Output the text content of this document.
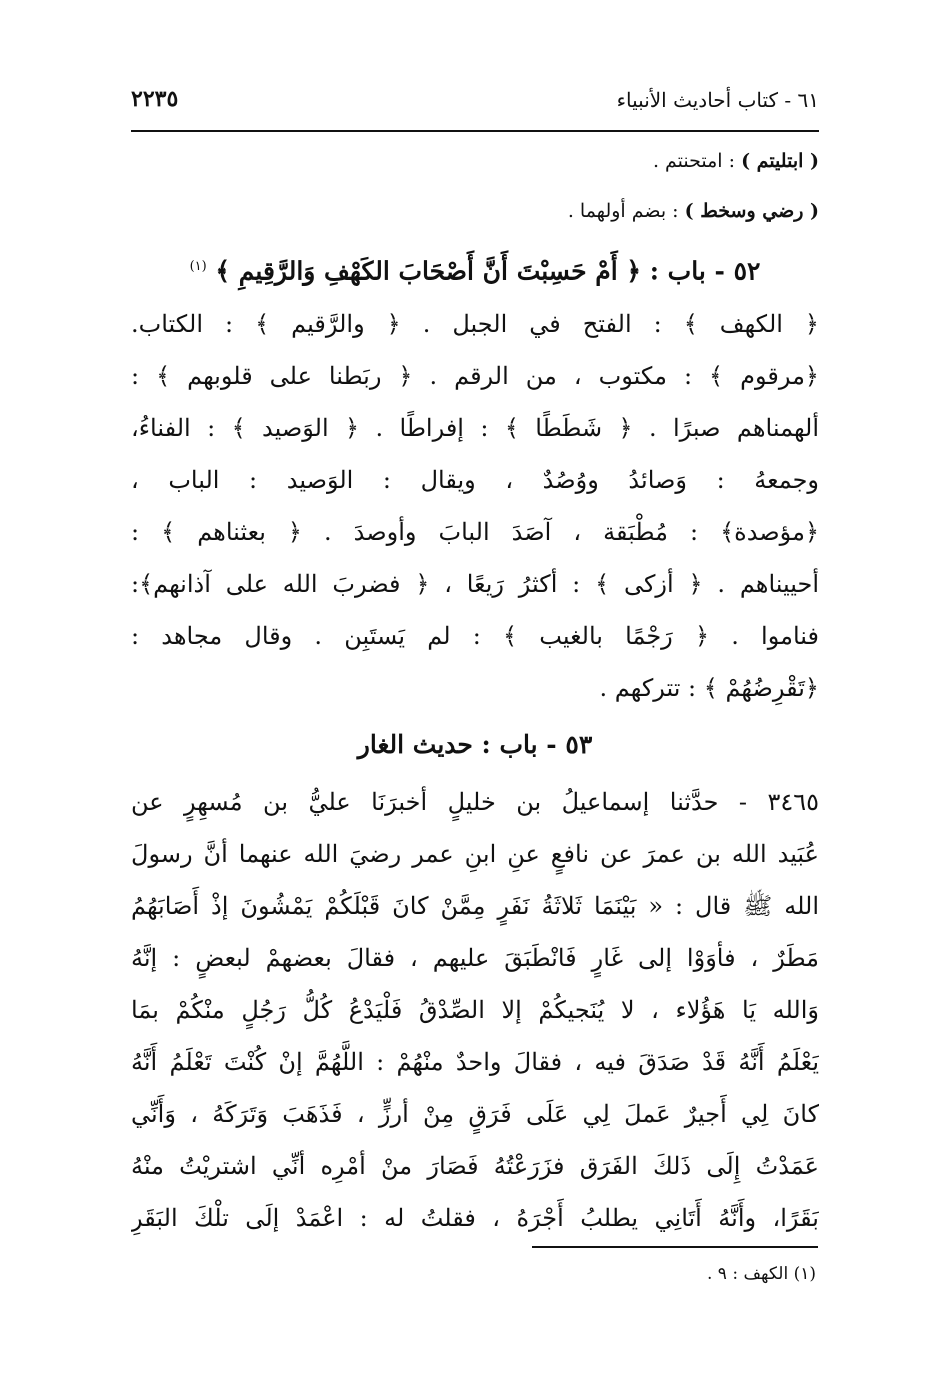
٦١ - كتاب أحاديث الأنبياء
٢٢٣٥
( ابتليتم ) : امتحنتم .
( رضي وسخط ) : بضم أولهما .
٥٢ - باب : ﴿ أَمْ حَسِبْتَ أَنَّ أَصْحَابَ الكَهْفِ وَالرَّقِيمِ ﴾ $^{(١)}$
﴿ الكهف ﴾ : الفتح في الجبل . ﴿ والرَّقيم ﴾ : الكتاب.
﴿مرقوم ﴾ : مكتوب ، من الرقم . ﴿ ربَطنا على قلوبهم ﴾ :
ألهمناهم صبرًا . ﴿ شَطَطًا ﴾ : إفراطًا . ﴿ الوَصيد ﴾ : الفناءُ،
وجمعهُ : وَصائدُ ووُصُدٌ ، ويقال : الوَصيد : الباب ،
﴿مؤصدة﴾ : مُطْبَقة ، آصَدَ البابَ وأوصدَ . ﴿ بعثناهم ﴾ :
أحييناهم . ﴿ أزكى ﴾ : أكثرُ رَيعًا ، ﴿ فضربَ الله على آذانهم﴾:
فناموا . ﴿ رَجْمًا بالغيب ﴾ : لم يَستَبِن . وقال مجاهد :
﴿تَقْرِضُهُمْ ﴾ : تتركهم .
٥٣ - باب : حديث الغار
٣٤٦٥ - حدَّثنا إسماعيلُ بن خليلٍ أخبرَنَا عليُّ بن مُسهِرٍ عن
عُبَيد الله بن عمرَ عن نافعٍ عنِ ابنِ عمر رضيَ الله عنهما أنَّ رسولَ
الله ﷺ قال : « بَيْنَمَا ثَلاثَةُ نَفَرٍ مِمَّنْ كانَ قَبْلَكُمْ يَمْشُونَ إذْ أَصَابَهُمُ
مَطَرٌ ، فأوَوْا إلى غَارٍ فَانْطَبَقَ عليهم ، فقالَ بعضهمْ لبعضٍ : إنَّهُ
وَالله يَا هَؤُلاء ، لا يُنَجيكُمْ إلا الصِّدْقُ فَلْيَدْعُ كُلُّ رَجُلٍ منْكُمْ بمَا
يَعْلَمُ أَنَّهُ قَدْ صَدَقَ فيه ، فقالَ واحدٌ منْهُمْ : اللَّهُمَّ إنْ كُنْتَ تَعْلَمُ أَنَّهُ
كانَ لِي أَجيرٌ عَملَ لِي عَلَى فَرَقٍ مِنْ أرزٍّ ، فَذَهَبَ وَتَرَكَهُ ، وَأَنِّي
عَمَدْتُ إِلَى ذَلكَ الفَرَق فزَرَعْتُهُ فَصَارَ منْ أمْرِه أنِّي اشتريْتُ منْهُ
بَقَرًا، وأَنَّهُ أَتَانِي يطلبُ أَجْرَهُ ، فقلتُ له : اعْمَدْ إلَى تلْكَ البَقَرِ
(١) الكهف : ٩ .
